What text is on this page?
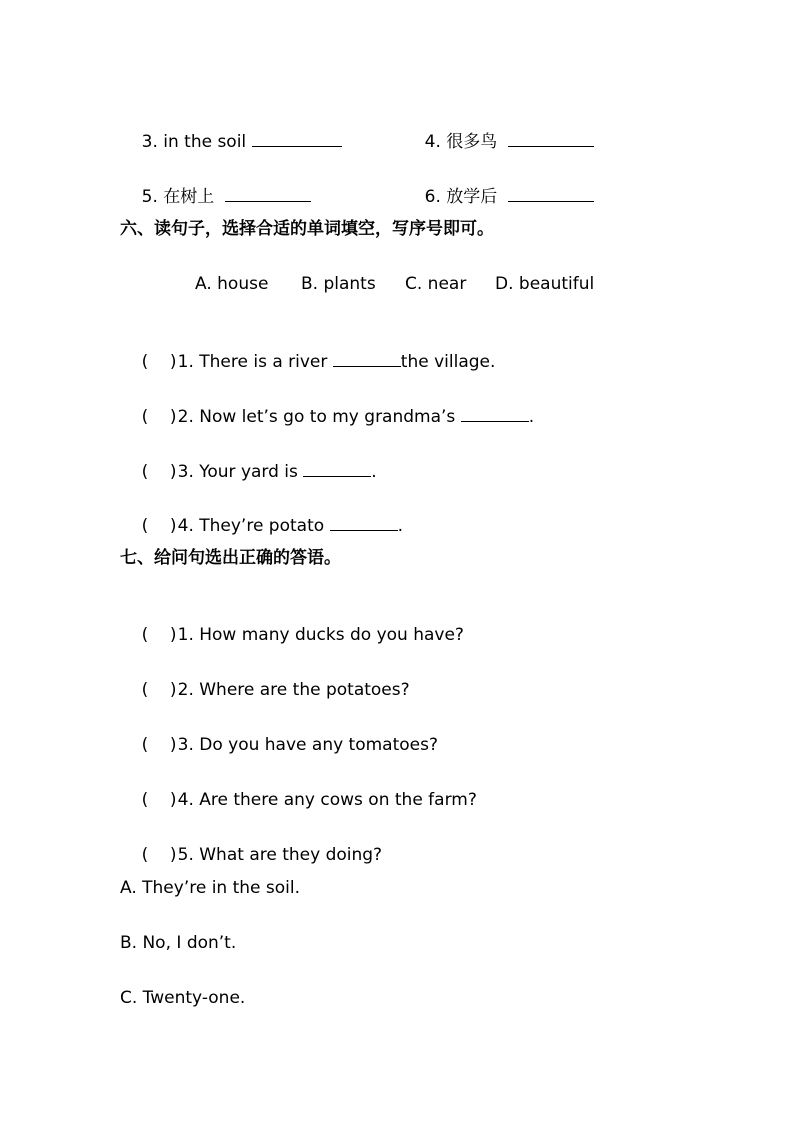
3. in the soil
	4. 很多鸟

5. 在树上
	6. 放学后

六、读句子，选择合适的单词填空，写序号即可。
A. house B. plants C. near D. beautiful

(    )1. There is a river	the village.

(    )2. Now let’s go to my grandma’s	.

(    )3. Your yard is	.

(    )4. They’re potato	.

七、给问句选出正确的答语。

(    )1. How many ducks do you have?

(    )2. Where are the potatoes?

(    )3. Do you have any tomatoes?

(    )4. Are there any cows on the farm?

(    )5. What are they doing?

A. They’re in the soil.
B. No, I don’t.
C. Twenty-one.
